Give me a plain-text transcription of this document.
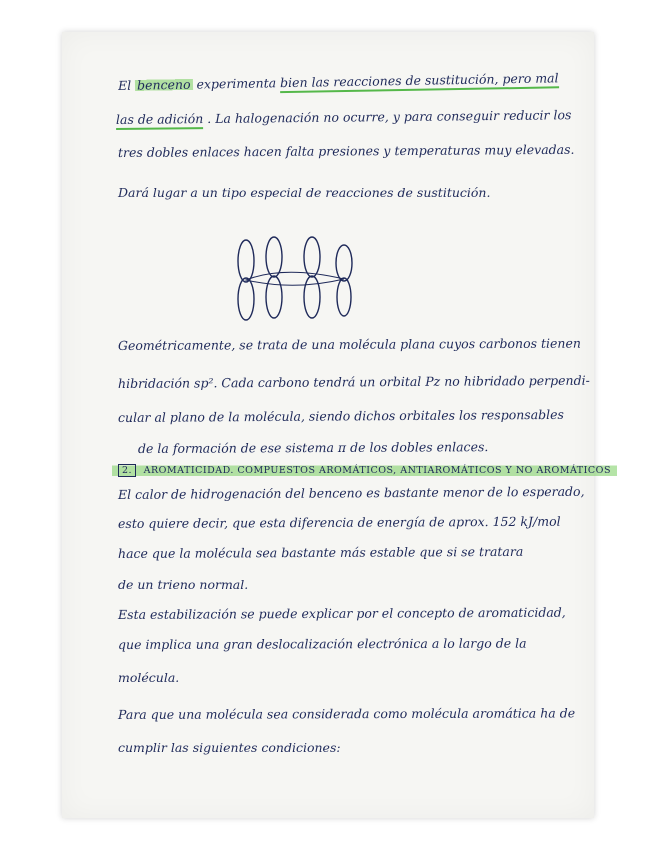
El benceno experimenta bien las reacciones de sustitución, pero mal
las de adición . La halogenación no ocurre, y para conseguir reducir los
tres dobles enlaces hacen falta presiones y temperaturas muy elevadas.
Dará lugar a un tipo especial de reacciones de sustitución.
Geométricamente, se trata de una molécula plana cuyos carbonos tienen
hibridación sp². Cada carbono tendrá un orbital Pz no hibridado perpendi-
cular al plano de la molécula, siendo dichos orbitales los responsables
de la formación de ese sistema π de los dobles enlaces.
2. AROMATICIDAD. COMPUESTOS AROMÁTICOS, ANTIAROMÁTICOS Y NO AROMÁTICOS
El calor de hidrogenación del benceno es bastante menor de lo esperado,
esto quiere decir, que esta diferencia de energía de aprox. 152 kJ/mol
hace que la molécula sea bastante más estable que si se tratara
de un trieno normal.
Esta estabilización se puede explicar por el concepto de aromaticidad,
que implica una gran deslocalización electrónica a lo largo de la
molécula.
Para que una molécula sea considerada como molécula aromática ha de
cumplir las siguientes condiciones:
